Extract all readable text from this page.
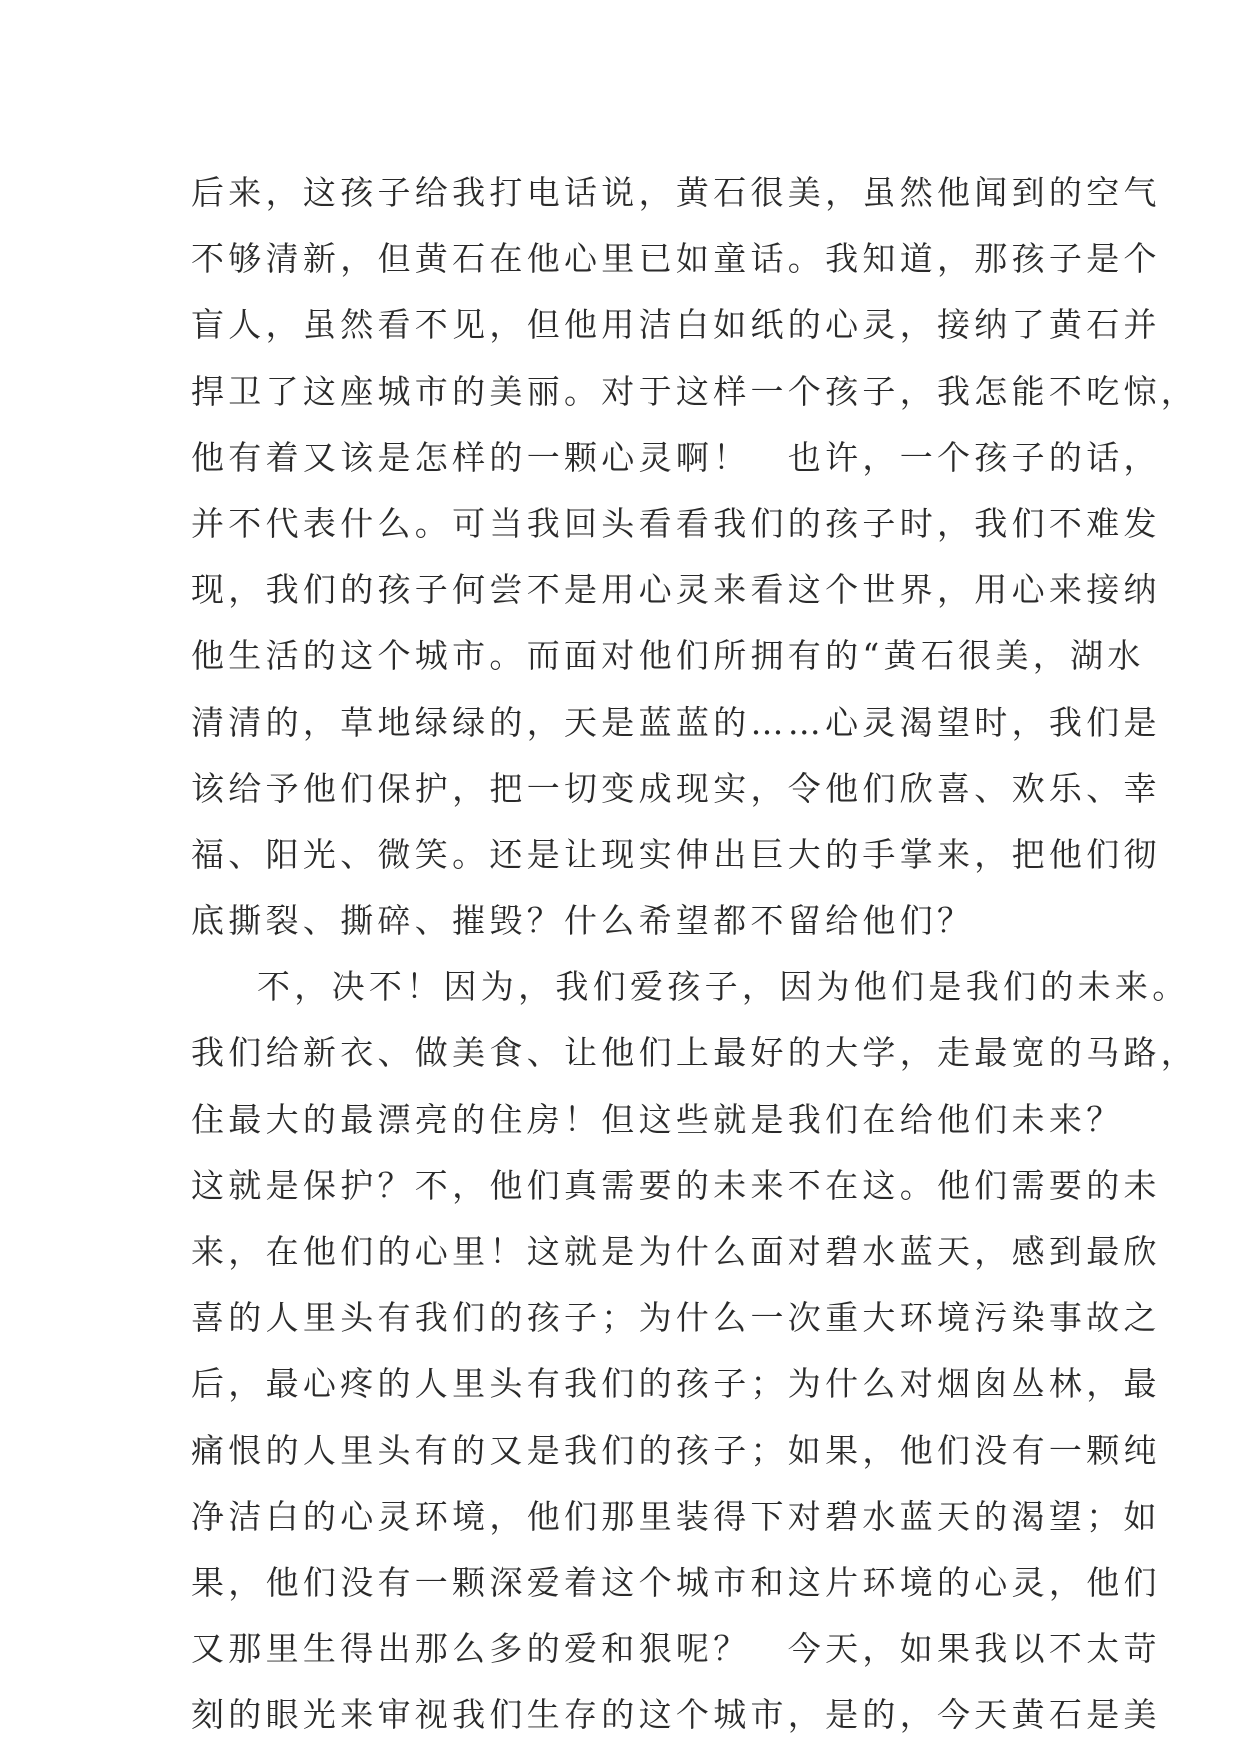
后来，这孩子给我打电话说，黄石很美，虽然他闻到的空气
不够清新，但黄石在他心里已如童话。我知道，那孩子是个
盲人，虽然看不见，但他用洁白如纸的心灵，接纳了黄石并
捍卫了这座城市的美丽。对于这样一个孩子，我怎能不吃惊，
他有着又该是怎样的一颗心灵啊！　也许，一个孩子的话，
并不代表什么。可当我回头看看我们的孩子时，我们不难发
现，我们的孩子何尝不是用心灵来看这个世界，用心来接纳
他生活的这个城市。而面对他们所拥有的“黄石很美，湖水
清清的，草地绿绿的，天是蓝蓝的……心灵渴望时，我们是
该给予他们保护，把一切变成现实，令他们欣喜、欢乐、幸
福、阳光、微笑。还是让现实伸出巨大的手掌来，把他们彻
底撕裂、撕碎、摧毁？什么希望都不留给他们？
不，决不！因为，我们爱孩子，因为他们是我们的未来。
我们给新衣、做美食、让他们上最好的大学，走最宽的马路，
住最大的最漂亮的住房！但这些就是我们在给他们未来？
这就是保护？不，他们真需要的未来不在这。他们需要的未
来，在他们的心里！这就是为什么面对碧水蓝天，感到最欣
喜的人里头有我们的孩子；为什么一次重大环境污染事故之
后，最心疼的人里头有我们的孩子；为什么对烟囱丛林，最
痛恨的人里头有的又是我们的孩子；如果，他们没有一颗纯
净洁白的心灵环境，他们那里装得下对碧水蓝天的渴望；如
果，他们没有一颗深爱着这个城市和这片环境的心灵，他们
又那里生得出那么多的爱和狠呢？　今天，如果我以不太苛
刻的眼光来审视我们生存的这个城市，是的，今天黄石是美
